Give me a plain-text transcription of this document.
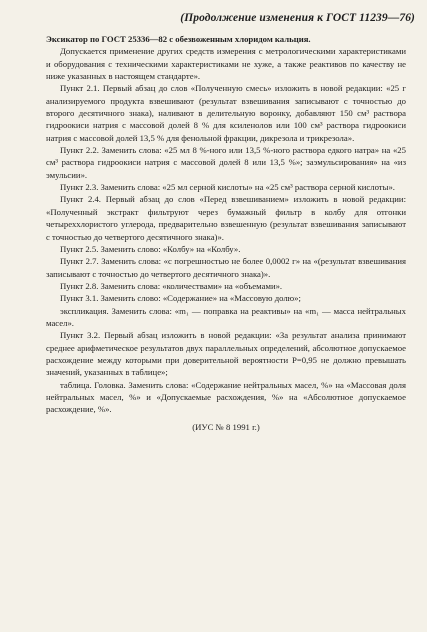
(Продолжение изменения к ГОСТ 11239—76)

Эксикатор по ГОСТ 25336—82 с обезвоженным хлоридом кальция.

Допускается применение других средств измерения с метрологическими характеристиками и оборудования с техническими характеристиками не хуже, а также реактивов по качеству не ниже указанных в настоящем стандарте».

Пункт 2.1. Первый абзац до слов «Полученную смесь» изложить в новой редакции: «25 г анализируемого продукта взвешивают (результат взвешивания записывают с точностью до второго десятичного знака), наливают в делительную воронку, добавляют 150 см³ раствора гидроокиси натрия с массовой долей 8 % для ксиленолов или 100 см³ раствора гидроокиси натрия с массовой долей 13,5 % для фенольной фракции, дикрезола и трикрезола».

Пункт 2.2. Заменить слова: «25 мл 8 %-ного или 13,5 %-ного раствора едкого натра» на «25 см³ раствора гидроокиси натрия с массовой долей 8 или 13,5 %»; заэмульсирования» на «из эмульсии».

Пункт 2.3. Заменить слова: «25 мл серной кислоты» на «25 см³ раствора серной кислоты».

Пункт 2.4. Первый абзац до слов «Перед взвешиванием» изложить в новой редакции: «Полученный экстракт фильтруют через бумажный фильтр в колбу для отгонки четыреххлористого углерода, предварительно взвешенную (результат взвешивания записывают с точностью до четвертого десятичного знака)».

Пункт 2.5. Заменить слово: «Колбу» на «Колбу».

Пункт 2.7. Заменить слова: «с погрешностью не более 0,0002 г» на «(результат взвешивания записывают с точностью до четвертого десятичного знака)».

Пункт 2.8. Заменить слова: «количествами» на «объемами».

Пункт 3.1. Заменить слово: «Содержание» на «Массовую долю»;

экспликация. Заменить слова: «m₁ — поправка на реактивы» на «m₁ — масса нейтральных масел».

Пункт 3.2. Первый абзац изложить в новой редакции: «За результат анализа принимают среднее арифметическое результатов двух параллельных определений, абсолютное допускаемое расхождение между которыми при доверительной вероятности P=0,95 не должно превышать значений, указанных в таблице»;

таблица. Головка. Заменить слова: «Содержание нейтральных масел, %» на «Массовая доля нейтральных масел, %» и «Допускаемые расхождения, %» на «Абсолютное допускаемое расхождение, %».

(ИУС № 8 1991 г.)
